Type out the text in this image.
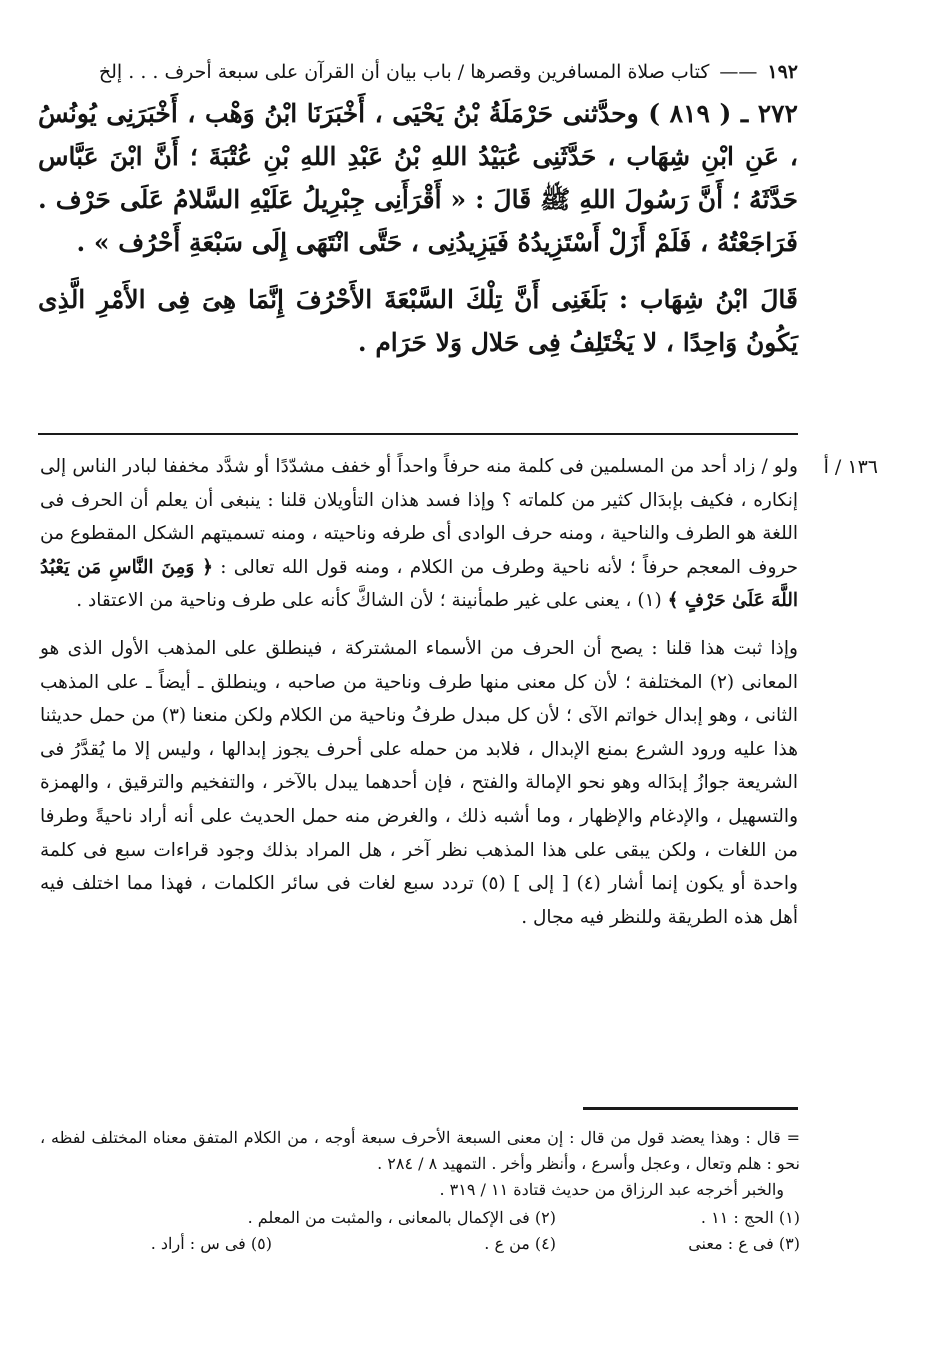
١٩٢——كتاب صلاة المسافرين وقصرها / باب بيان أن القرآن على سبعة أحرف . . . إلخ

٢٧٢ ـ ( ٨١٩ ) وحدَّثنى حَرْمَلَةُ بْنُ يَحْيَى ، أَخْبَرَنَا ابْنُ وَهْب ، أَخْبَرَنِى يُونُسُ ، عَنِ ابْنِ شِهَاب ، حَدَّثَنِى عُبَيْدُ اللهِ بْنُ عَبْدِ اللهِ بْنِ عُتْبَةَ ؛ أَنَّ ابْنَ عَبَّاس حَدَّثَهُ ؛ أَنَّ رَسُولَ اللهِ ﷺ قَالَ : « أَقْرَأَنِى جِبْرِيلُ عَلَيْهِ السَّلامُ عَلَى حَرْف . فَرَاجَعْتُهُ ، فَلَمْ أَزَلْ أَسْتَزِيدُهُ فَيَزِيدُنِى ، حَتَّى انْتَهَى إِلَى سَبْعَةِ أَحْرُف » .

قَالَ ابْنُ شِهَاب : بَلَغَنِى أَنَّ تِلْكَ السَّبْعَةَ الأَحْرُفَ إِنَّمَا هِىَ فِى الأَمْرِ الَّذِى يَكُونُ وَاحِدًا ، لا يَخْتَلِفُ فِى حَلال وَلا حَرَام .

١٣٦ / أ

ولو / زاد أحد من المسلمين فى كلمة منه حرفاً واحداً أو خفف مشدّدًا أو شدَّد مخففا لبادر الناس إلى إنكاره ، فكيف بإبدَال كثير من كلماته ؟ وإذا فسد هذان التأويلان قلنا : ينبغى أن يعلم أن الحرف فى اللغة هو الطرف والناحية ، ومنه حرف الوادى أى طرفه وناحيته ، ومنه تسميتهم الشكل المقطوع من حروف المعجم حرفاً ؛ لأنه ناحية وطرف من الكلام ، ومنه قول الله تعالى : ﴿ وَمِنَ النَّاسِ مَن يَعْبُدُ اللَّهَ عَلَىٰ حَرْفٍ ﴾ (١) ، يعنى على غير طمأنينة ؛ لأن الشاكَّ كأنه على طرف وناحية من الاعتقاد .

وإذا ثبت هذا قلنا : يصح أن الحرف من الأسماء المشتركة ، فينطلق على المذهب الأول الذى هو المعانى (٢) المختلفة ؛ لأن كل معنى منها طرف وناحية من صاحبه ، وينطلق ـ أيضاً ـ على المذهب الثانى ، وهو إبدال خواتم الآى ؛ لأن كل مبدل طرفُ وناحية من الكلام ولكن منعنا (٣) من حمل حديثنا هذا عليه ورود الشرع بمنع الإبدال ، فلابد من حمله على أحرف يجوز إبدالها ، وليس إلا ما يُقدَّرُ فى الشريعة جوازُ إبدَاله وهو نحو الإمالة والفتح ، فإن أحدهما يبدل بالآخر ، والتفخيم والترقيق ، والهمزة والتسهيل ، والإدغام والإظهار ، وما أشبه ذلك ، والغرض منه حمل الحديث على أنه أراد ناحيةً وطرفا من اللغات ، ولكن يبقى على هذا المذهب نظر آخر ، هل المراد بذلك وجود قراءات سبع فى كلمة واحدة أو يكون إنما أشار (٤) [ إلى ] (٥) تردد سبع لغات فى سائر الكلمات ، فهذا مما اختلف فيه أهل هذه الطريقة وللنظر فيه مجال .

= قال : وهذا يعضد قول من قال : إن معنى السبعة الأحرف سبعة أوجه ، من الكلام المتفق معناه المختلف لفظه ، نحو : هلم وتعال ، وعجل وأسرع ، وأنظر وأخر . التمهيد ٨ / ٢٨٤ .

والخبر أخرجه عبد الرزاق من حديث قتادة ١١ / ٣١٩ .

(١) الحج : ١١ .
(٢) فى الإكمال بالمعانى ، والمثبت من المعلم .
(٣) فى ع : معنى
(٤) من ع .
(٥) فى س : أراد .
